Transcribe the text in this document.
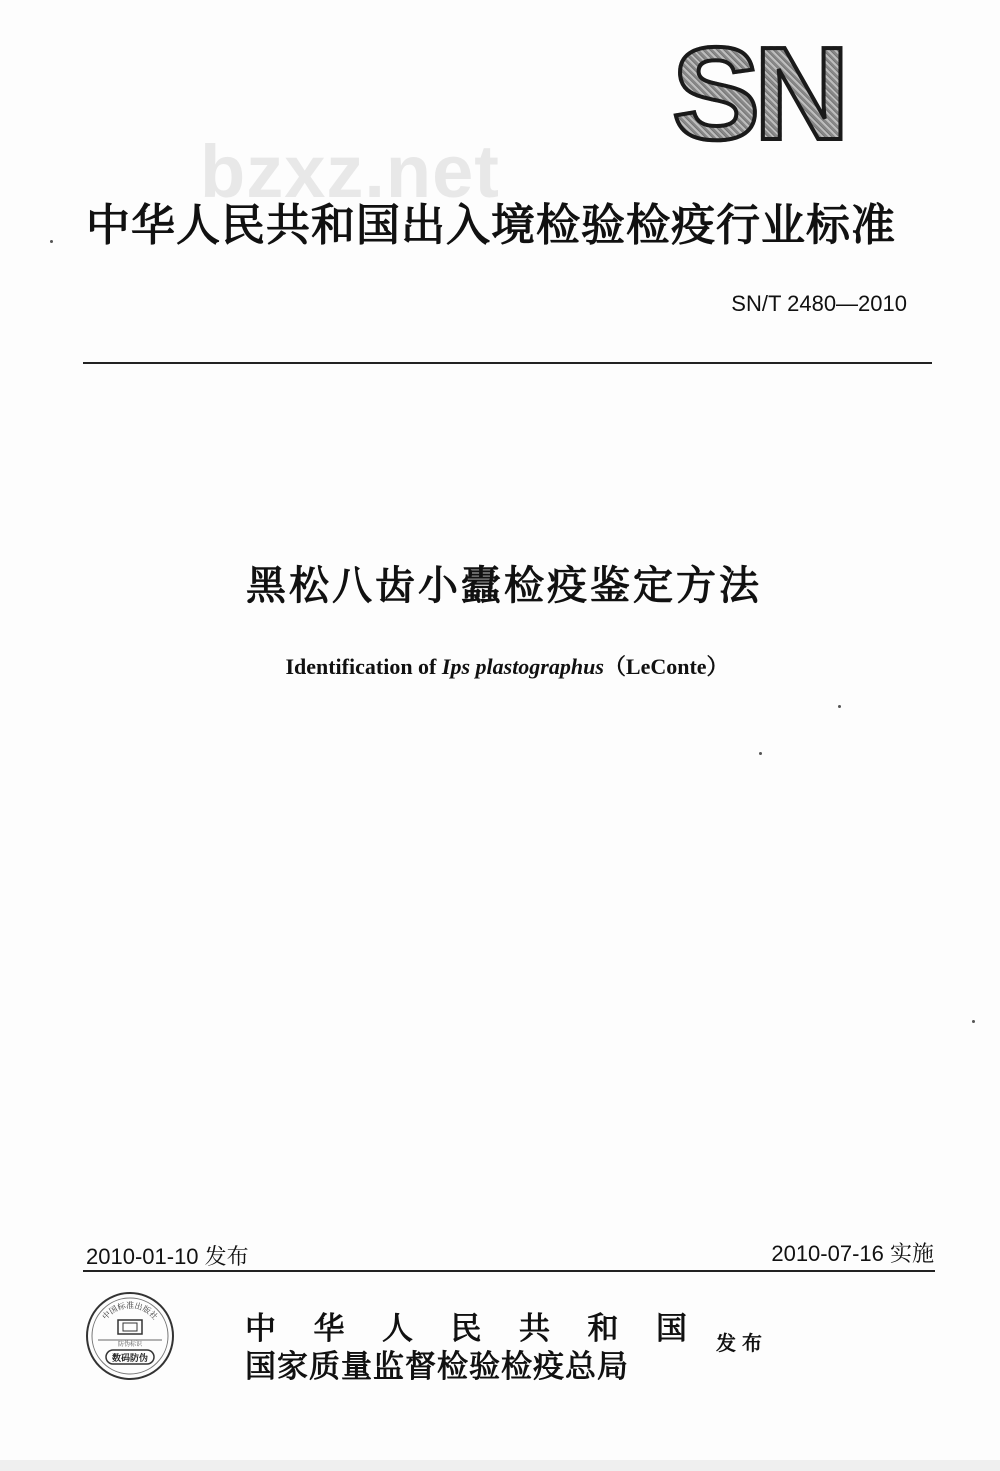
SN
bzxz.net
中华人民共和国出入境检验检疫行业标准
SN/T 2480—2010
黑松八齿小蠹检疫鉴定方法
Identification of Ips plastographus（LeConte）
2010-01-10 发布	2010-07-16 实施
中国标准出版社
防伪标识
数码防伪
中 华 人 民 共 和 国
国家质量监督检验检疫总局
发布
